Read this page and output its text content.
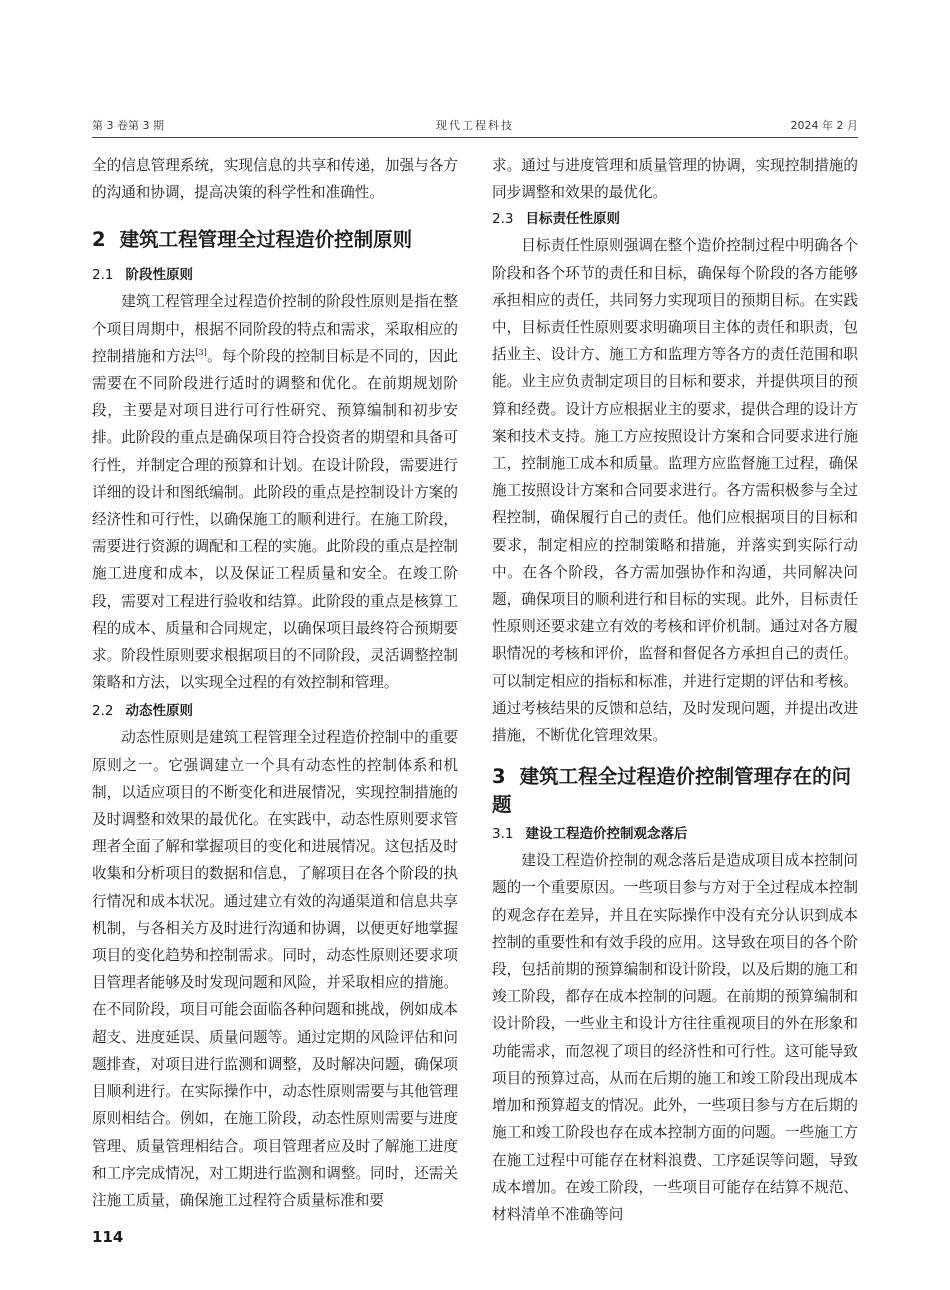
第 3 卷第 3 期	现代工程科技	2024 年 2 月

全的信息管理系统，实现信息的共享和传递，加强与各方的沟通和协调，提高决策的科学性和准确性。

2 建筑工程管理全过程造价控制原则
2.1 阶段性原则

建筑工程管理全过程造价控制的阶段性原则是指在整个项目周期中，根据不同阶段的特点和需求，采取相应的控制措施和方法[3]。每个阶段的控制目标是不同的，因此需要在不同阶段进行适时的调整和优化。在前期规划阶段，主要是对项目进行可行性研究、预算编制和初步安排。此阶段的重点是确保项目符合投资者的期望和具备可行性，并制定合理的预算和计划。在设计阶段，需要进行详细的设计和图纸编制。此阶段的重点是控制设计方案的经济性和可行性，以确保施工的顺利进行。在施工阶段，需要进行资源的调配和工程的实施。此阶段的重点是控制施工进度和成本，以及保证工程质量和安全。在竣工阶段，需要对工程进行验收和结算。此阶段的重点是核算工程的成本、质量和合同规定，以确保项目最终符合预期要求。阶段性原则要求根据项目的不同阶段，灵活调整控制策略和方法，以实现全过程的有效控制和管理。

2.2 动态性原则

动态性原则是建筑工程管理全过程造价控制中的重要原则之一。它强调建立一个具有动态性的控制体系和机制，以适应项目的不断变化和进展情况，实现控制措施的及时调整和效果的最优化。在实践中，动态性原则要求管理者全面了解和掌握项目的变化和进展情况。这包括及时收集和分析项目的数据和信息，了解项目在各个阶段的执行情况和成本状况。通过建立有效的沟通渠道和信息共享机制，与各相关方及时进行沟通和协调，以便更好地掌握项目的变化趋势和控制需求。同时，动态性原则还要求项目管理者能够及时发现问题和风险，并采取相应的措施。在不同阶段，项目可能会面临各种问题和挑战，例如成本超支、进度延误、质量问题等。通过定期的风险评估和问题排查，对项目进行监测和调整，及时解决问题，确保项目顺利进行。在实际操作中，动态性原则需要与其他管理原则相结合。例如，在施工阶段，动态性原则需要与进度管理、质量管理相结合。项目管理者应及时了解施工进度和工序完成情况，对工期进行监测和调整。同时，还需关注施工质量，确保施工过程符合质量标准和要

求。通过与进度管理和质量管理的协调，实现控制措施的同步调整和效果的最优化。

2.3 目标责任性原则

目标责任性原则强调在整个造价控制过程中明确各个阶段和各个环节的责任和目标，确保每个阶段的各方能够承担相应的责任，共同努力实现项目的预期目标。在实践中，目标责任性原则要求明确项目主体的责任和职责，包括业主、设计方、施工方和监理方等各方的责任范围和职能。业主应负责制定项目的目标和要求，并提供项目的预算和经费。设计方应根据业主的要求，提供合理的设计方案和技术支持。施工方应按照设计方案和合同要求进行施工，控制施工成本和质量。监理方应监督施工过程，确保施工按照设计方案和合同要求进行。各方需积极参与全过程控制，确保履行自己的责任。他们应根据项目的目标和要求，制定相应的控制策略和措施，并落实到实际行动中。在各个阶段，各方需加强协作和沟通，共同解决问题，确保项目的顺利进行和目标的实现。此外，目标责任性原则还要求建立有效的考核和评价机制。通过对各方履职情况的考核和评价，监督和督促各方承担自己的责任。可以制定相应的指标和标准，并进行定期的评估和考核。通过考核结果的反馈和总结，及时发现问题，并提出改进措施，不断优化管理效果。

3 建筑工程全过程造价控制管理存在的问题
3.1 建设工程造价控制观念落后

建设工程造价控制的观念落后是造成项目成本控制问题的一个重要原因。一些项目参与方对于全过程成本控制的观念存在差异，并且在实际操作中没有充分认识到成本控制的重要性和有效手段的应用。这导致在项目的各个阶段，包括前期的预算编制和设计阶段，以及后期的施工和竣工阶段，都存在成本控制的问题。在前期的预算编制和设计阶段，一些业主和设计方往往重视项目的外在形象和功能需求，而忽视了项目的经济性和可行性。这可能导致项目的预算过高，从而在后期的施工和竣工阶段出现成本增加和预算超支的情况。此外，一些项目参与方在后期的施工和竣工阶段也存在成本控制方面的问题。一些施工方在施工过程中可能存在材料浪费、工序延误等问题，导致成本增加。在竣工阶段，一些项目可能存在结算不规范、材料清单不准确等问

114
